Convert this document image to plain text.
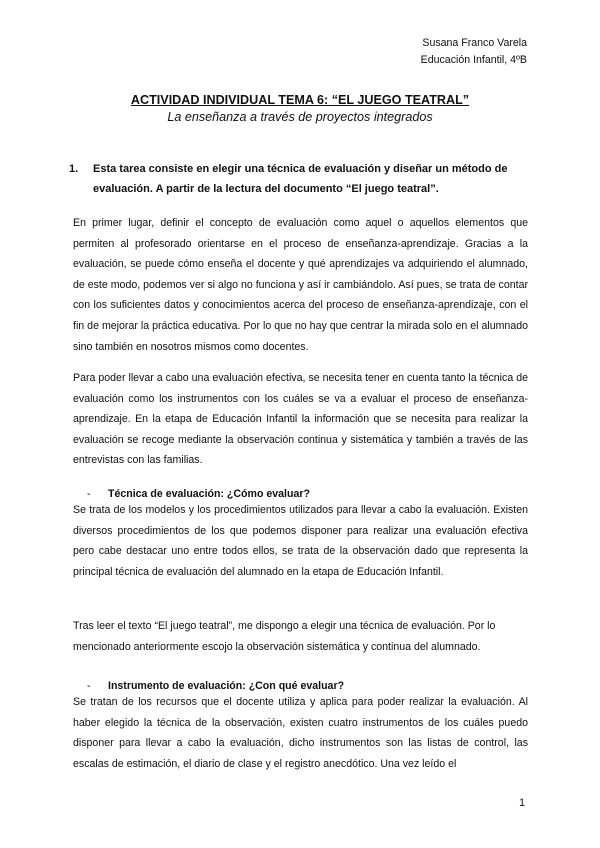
Susana Franco Varela
Educación Infantil, 4ºB

ACTIVIDAD INDIVIDUAL TEMA 6: “EL JUEGO TEATRAL”

La enseñanza a través de proyectos integrados

1. Esta tarea consiste en elegir una técnica de evaluación y diseñar un método de evaluación. A partir de la lectura del documento “El juego teatral”.

En primer lugar, definir el concepto de evaluación como aquel o aquellos elementos que permiten al profesorado orientarse en el proceso de enseñanza-aprendizaje. Gracias a la evaluación, se puede cómo enseña el docente y qué aprendizajes va adquiriendo el alumnado, de este modo, podemos ver si algo no funciona y así ir cambiándolo. Así pues, se trata de contar con los suficientes datos y conocimientos acerca del proceso de enseñanza-aprendizaje, con el fin de mejorar la práctica educativa. Por lo que no hay que centrar la mirada solo en el alumnado sino también en nosotros mismos como docentes.

Para poder llevar a cabo una evaluación efectiva, se necesita tener en cuenta tanto la técnica de evaluación como los instrumentos con los cuáles se va a evaluar el proceso de enseñanza-aprendizaje. En la etapa de Educación Infantil la información que se necesita para realizar la evaluación se recoge mediante la observación continua y sistemática y también a través de las entrevistas con las familias.

- Técnica de evaluación: ¿Cómo evaluar?

Se trata de los modelos y los procedimientos utilizados para llevar a cabo la evaluación. Existen diversos procedimientos de los que podemos disponer para realizar una evaluación efectiva pero cabe destacar uno entre todos ellos, se trata de la observación dado que representa la principal técnica de evaluación del alumnado en la etapa de Educación Infantil.

Tras leer el texto “El juego teatral”, me dispongo a elegir una técnica de evaluación. Por lo mencionado anteriormente escojo la observación sistemática y continua del alumnado.

- Instrumento de evaluación: ¿Con qué evaluar?

Se tratan de los recursos que el docente utiliza y aplica para poder realizar la evaluación. Al haber elegido la técnica de la observación, existen cuatro instrumentos de los cuáles puedo disponer para llevar a cabo la evaluación, dicho instrumentos son las listas de control, las escalas de estimación, el diario de clase y el registro anecdótico. Una vez leído el

1
